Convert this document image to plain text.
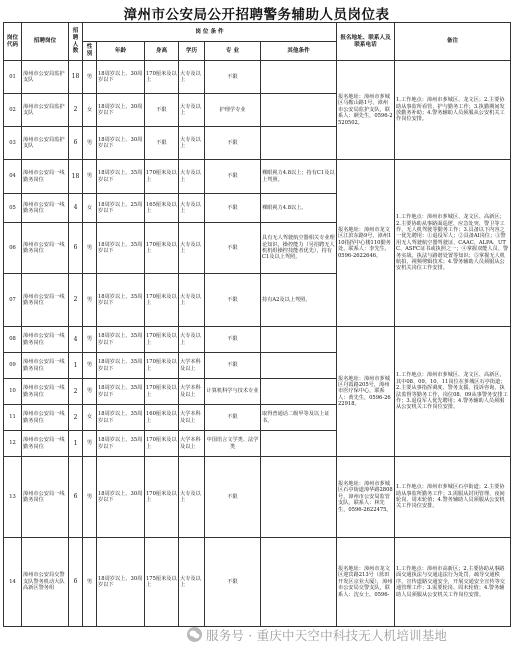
漳州市公安局公开招聘警务辅助人员岗位表
岗位代码	招聘岗位	招聘人数	岗 位 条 件						报名地址、联系人及联系电话	备注
			性别	年龄	身高	学历	专 业	其他条件		
01	漳州市公安局监护支队	18	男	18周岁以上、30周岁以下	170厘米及以上	大专及以上	不限		报名地址：漳州市芗城区马鞍山路1号，漳州市公安局监护支队，联系人：颜先生，0596-2520502。	1.工作地点：漳州市芗城区、龙文区；2.主要协助从事监所看管、护与勤务工作；3.执勤期间发放勤务补助；4.警务辅助人员须服从公安机关工作岗位安排。
02	漳州市公安局监护支队	2	女	18周岁以上、30周岁以下	不限	大专及以上	护理学专业			
03	漳州市公安局监护支队	6	男	18周岁以上、30周岁以下	不限	大专及以上	不限			
04	漳州市公安局一线勤务岗位	18	男	18周岁以上、35周岁以下	170厘米及以上	大专及以上	不限	裸眼视力4.8以上；持有C1及以上驾照。	报名地址：漳州市龙文区江滨东路9号，漳州110指挥中心楼110勤务处，联系人：李先生，0596-2622646。	1.工作地点：漳州市芗城区、龙文区、高新区；2.主要协助从事路面巡逻、应急处突、警卫等工作，无人机驾驶等勤务工作；3.具备以下内容之一优先聘用：①退役军人；②具备AI岗位；③警用无人驾驶航空器驾驶证、CAAC、ALPA、UTC、ASFC证书或执照之一；④掌握双能人员、警务实战、执法与路谐处置等知识；⑤掌握无人机航拍、视频剪辑技术；4.警务辅助人员须服从公安机关岗位工作安排。
05	漳州市公安局一线勤务岗位	4	女	18周岁以上、25周岁以下	165厘米及以上	大专及以上	不限	裸眼视力4.8以上。		
06	漳州市公安局一线勤务岗位	6	男	18周岁以上、35周岁以下	170厘米及以上	大专及以上	不限	具有无人驾驶航空器相关专业理论知识，操控能力（另招聘无人机机组操控技能者优先），持有C1及以上驾照。		
07	漳州市公安局一线勤务岗位	2	男	18周岁以上、35周岁以下	170厘米及以上	大专及以上	不限	持有A2及以上驾照。		
08	漳州市公安局一线勤务岗位	4	男	18周岁以上、35周岁以下	170厘米及以上	大专及以上	不限		报名地址：漳州市芗城区丹霞路205号，漳州市医疗保中心，联系人：黄先生，0596-2622918。	1.工作地点：漳州市芗城区、龙文区、高新区，其中08、09、10、11岗位在芗城区石亭街道；2.主要从事指挥调度、警务支援、投诉咨询、执法监督等勤务工作，岗位08、09从事警务安排工作；3.退役军人优先聘用；4.警务辅助人员须服从公安机关工作岗位安排。
09	漳州市公安局一线勤务岗位	1	男	18周岁以上、35周岁以下	170厘米及以上	大学本科及以上	不限			
10	漳州市公安局一线勤务岗位	2	男	18周岁以上、35周岁以下	170厘米及以上	大学本科及以上	计算机科学与技术专业			
11	漳州市公安局一线勤务岗位	2	女	18周岁以上、35周岁以下	160厘米及以上	大学本科及以上	不限	取得普通话二级甲等及以上证书。		
12	漳州市公安局一线勤务岗位	1	男	18周岁以上、35周岁以下	170厘米及以上	大学本科及以上	中国语言文学类、法学类			
13	漳州市公安局一线勤务岗位	6	男	18周岁以上、30周岁以下	170厘米及以上	大专及以上	不限		报名地址：漳州市芗城区石亭街道漳华路2808号，漳州市公安局监管支队，联系人：林先生，0596-2622475。	1.工作地点：漳州市芗城区石亭街道；2.主要协助从事监所勤务工作；3.需服从封闭管理、夜间轮岗、周末轮值；4.警务辅助人员须服从公安机关工作岗位安排。
14	漳州市公安局交警支队警务机动大队高新区警务组	6	男	18周岁以上、30周岁以下	175厘米及以上	大专及以上	不限		报名地址：漳州市龙文区迎宾路213号（蓝田开发区京业大厦），漳州市公安局交警支队，联系人：沈女士，0596-	1.工作地点：漳州市高新区；2.主要协助从事路面交通执法与交通违法行为处罚，疏导交通秩序，宣传道路交通安全，开展交通安全宣传等交通管理工作；3.需要轮岗、周末轮值；4.警务辅助人员须服从公安机关工作岗位安排。
服务号 · 重庆中天空中科技无人机培训基地
